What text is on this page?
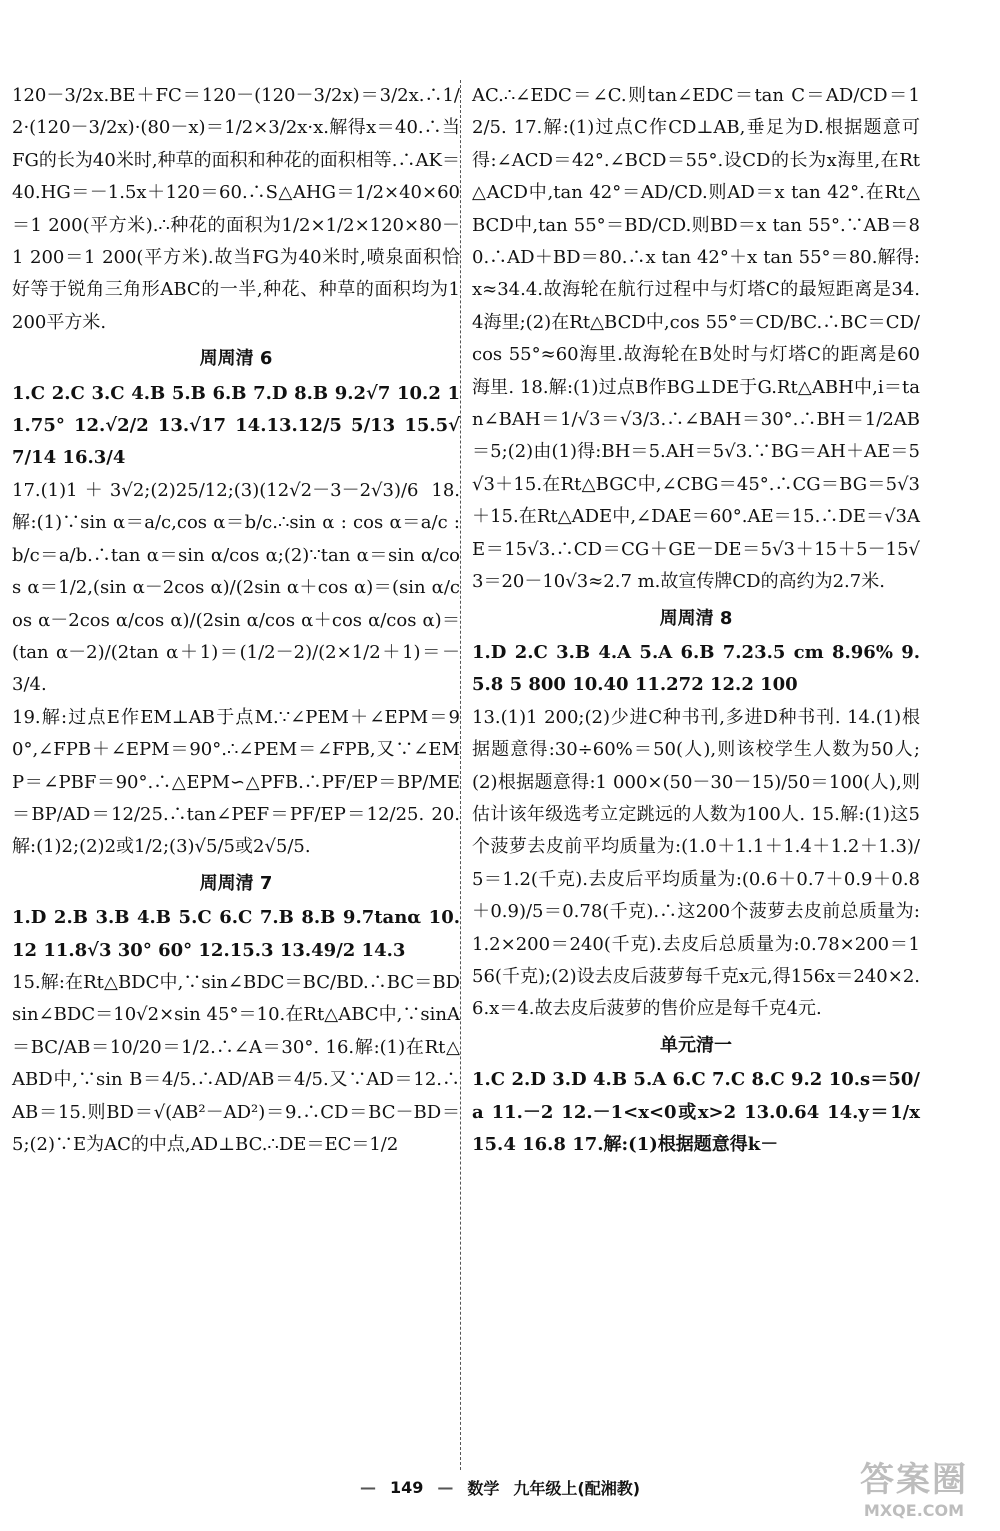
120－3/2x.BE＋FC＝120－(120－3/2x)＝3/2x.∴1/2·(120－3/2x)·(80－x)＝1/2×3/2x·x.解得x＝40.∴当FG的长为40米时,种草的面积和种花的面积相等.∴AK＝40.HG＝－1.5x＋120＝60.∴S△AHG＝1/2×40×60＝1 200(平方米).∴种花的面积为1/2×1/2×120×80－1 200＝1 200(平方米).故当FG为40米时,喷泉面积恰好等于锐角三角形ABC的一半,种花、种草的面积均为1 200平方米.

周周清 6

1.C 2.C 3.C 4.B 5.B 6.B 7.D 8.B 9.2√7 10.2 11.75° 12.√2/2 13.√17 14.13.12/5 5/13 15.5√7/14 16.3/4

17.(1)1＋3√2;(2)25/12;(3)(12√2－3－2√3)/6 18.解:(1)∵sin α＝a/c,cos α＝b/c.∴sin α : cos α＝a/c : b/c＝a/b.∴tan α＝sin α/cos α;(2)∵tan α＝sin α/cos α＝1/2,(sin α－2cos α)/(2sin α＋cos α)＝(sin α/cos α－2cos α/cos α)/(2sin α/cos α＋cos α/cos α)＝(tan α－2)/(2tan α＋1)＝(1/2－2)/(2×1/2＋1)＝－3/4.

19.解:过点E作EM⊥AB于点M.∵∠PEM＋∠EPM＝90°,∠FPB＋∠EPM＝90°.∴∠PEM＝∠FPB,又∵∠EMP＝∠PBF＝90°.∴△EPM∽△PFB.∴PF/EP＝BP/ME＝BP/AD＝12/25.∴tan∠PEF＝PF/EP＝12/25. 20.解:(1)2;(2)2或1/2;(3)√5/5或2√5/5.

周周清 7

1.D 2.B 3.B 4.B 5.C 6.C 7.B 8.B 9.7tanα 10.12 11.8√3 30° 60° 12.15.3 13.49/2 14.3

15.解:在Rt△BDC中,∵sin∠BDC＝BC/BD.∴BC＝BDsin∠BDC＝10√2×sin 45°＝10.在Rt△ABC中,∵sinA＝BC/AB＝10/20＝1/2.∴∠A＝30°. 16.解:(1)在Rt△ABD中,∵sin B＝4/5.∴AD/AB＝4/5.又∵AD＝12.∴AB＝15.则BD＝√(AB²－AD²)＝9.∴CD＝BC－BD＝5;(2)∵E为AC的中点,AD⊥BC.∴DE＝EC＝1/2

AC.∴∠EDC＝∠C.则tan∠EDC＝tan C＝AD/CD＝12/5. 17.解:(1)过点C作CD⊥AB,垂足为D.根据题意可得:∠ACD＝42°.∠BCD＝55°.设CD的长为x海里,在Rt△ACD中,tan 42°＝AD/CD.则AD＝x tan 42°.在Rt△BCD中,tan 55°＝BD/CD.则BD＝x tan 55°.∵AB＝80.∴AD＋BD＝80.∴x tan 42°＋x tan 55°＝80.解得:x≈34.4.故海轮在航行过程中与灯塔C的最短距离是34.4海里;(2)在Rt△BCD中,cos 55°＝CD/BC.∴BC＝CD/cos 55°≈60海里.故海轮在B处时与灯塔C的距离是60海里. 18.解:(1)过点B作BG⊥DE于G.Rt△ABH中,i＝tan∠BAH＝1/√3＝√3/3.∴∠BAH＝30°.∴BH＝1/2AB＝5;(2)由(1)得:BH＝5.AH＝5√3.∵BG＝AH＋AE＝5√3＋15.在Rt△BGC中,∠CBG＝45°.∴CG＝BG＝5√3＋15.在Rt△ADE中,∠DAE＝60°.AE＝15.∴DE＝√3AE＝15√3.∴CD＝CG＋GE－DE＝5√3＋15＋5－15√3＝20－10√3≈2.7 m.故宣传牌CD的高约为2.7米.

周周清 8

1.D 2.C 3.B 4.A 5.A 6.B 7.23.5 cm 8.96% 9.5.8 5 800 10.40 11.272 12.2 100

13.(1)1 200;(2)少进C种书刊,多进D种书刊. 14.(1)根据题意得:30÷60%＝50(人),则该校学生人数为50人;(2)根据题意得:1 000×(50－30－15)/50＝100(人),则估计该年级选考立定跳远的人数为100人. 15.解:(1)这5个菠萝去皮前平均质量为:(1.0＋1.1＋1.4＋1.2＋1.3)/5＝1.2(千克).去皮后平均质量为:(0.6＋0.7＋0.9＋0.8＋0.9)/5＝0.78(千克).∴这200个菠萝去皮前总质量为:1.2×200＝240(千克).去皮后总质量为:0.78×200＝156(千克);(2)设去皮后菠萝每千克x元,得156x＝240×2.6.x＝4.故去皮后菠萝的售价应是每千克4元.

单元清一

1.C 2.D 3.D 4.B 5.A 6.C 7.C 8.C 9.2 10.s＝50/a 11.－2 12.－1<x<0或x>2 13.0.64 14.y＝1/x 15.4 16.8 17.解:(1)根据题意得k－

— 149 — 数学 九年级上(配湘教)	答案圈
MXQE.COM
